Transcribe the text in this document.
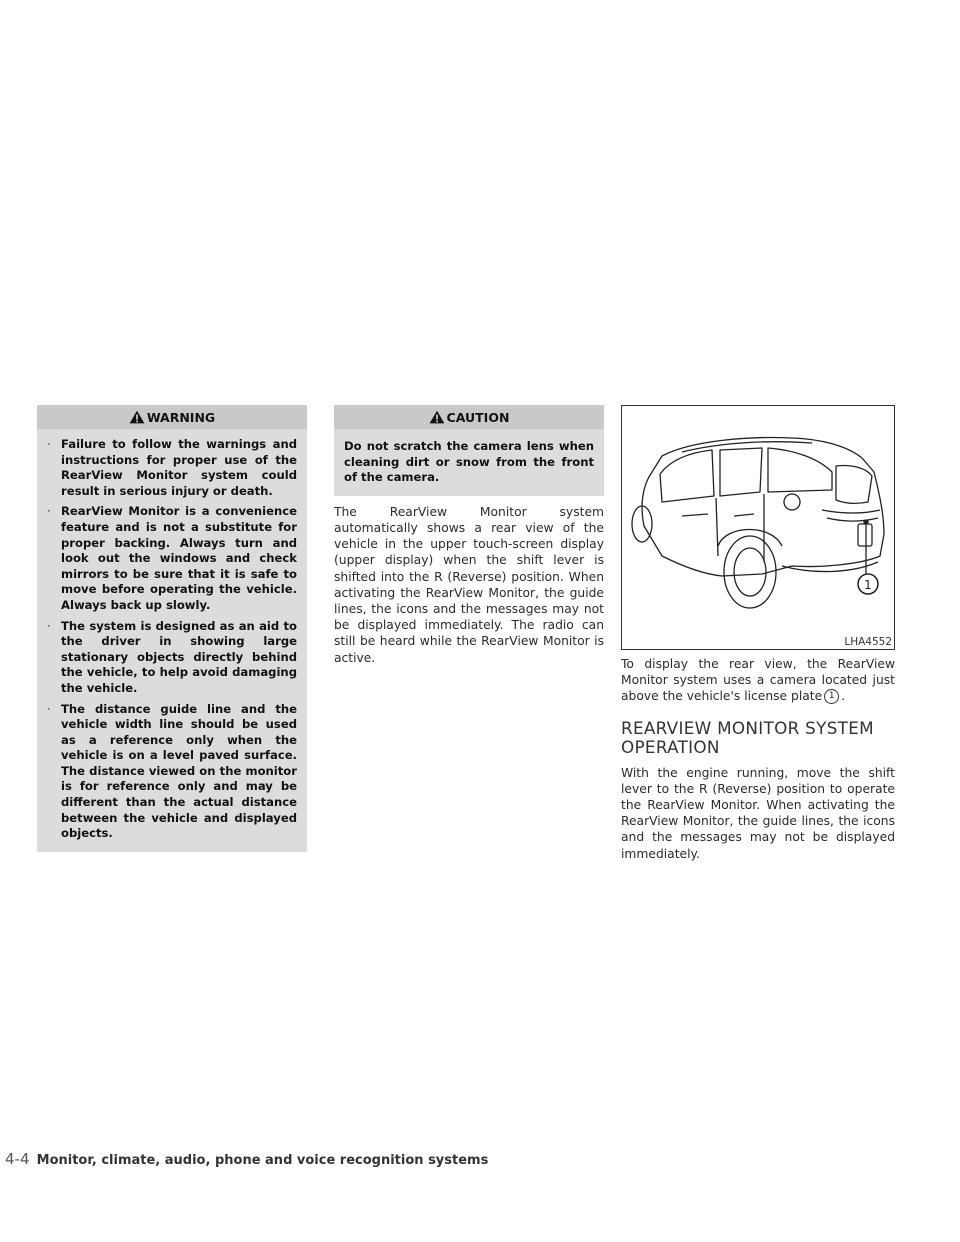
WARNING
· Failure to follow the warnings and instructions for proper use of the RearView Monitor system could result in serious injury or death.
· RearView Monitor is a convenience feature and is not a substitute for proper backing. Always turn and look out the windows and check mirrors to be sure that it is safe to move before operating the vehicle. Always back up slowly.
· The system is designed as an aid to the driver in showing large stationary objects directly behind the vehicle, to help avoid damaging the vehicle.
· The distance guide line and the vehicle width line should be used as a reference only when the vehicle is on a level paved surface. The distance viewed on the monitor is for reference only and may be different than the actual distance between the vehicle and displayed objects.
CAUTION
Do not scratch the camera lens when cleaning dirt or snow from the front of the camera.
The RearView Monitor system automatically shows a rear view of the vehicle in the upper touch-screen display (upper display) when the shift lever is shifted into the R (Reverse) position. When activating the RearView Monitor, the guide lines, the icons and the messages may not be displayed immediately. The radio can still be heard while the RearView Monitor is active.
1
LHA4552
To display the rear view, the RearView Monitor system uses a camera located just above the vehicle's license plate 1 .
REARVIEW MONITOR SYSTEM OPERATION
With the engine running, move the shift lever to the R (Reverse) position to operate the RearView Monitor. When activating the RearView Monitor, the guide lines, the icons and the messages may not be displayed immediately.
4-4 Monitor, climate, audio, phone and voice recognition systems
